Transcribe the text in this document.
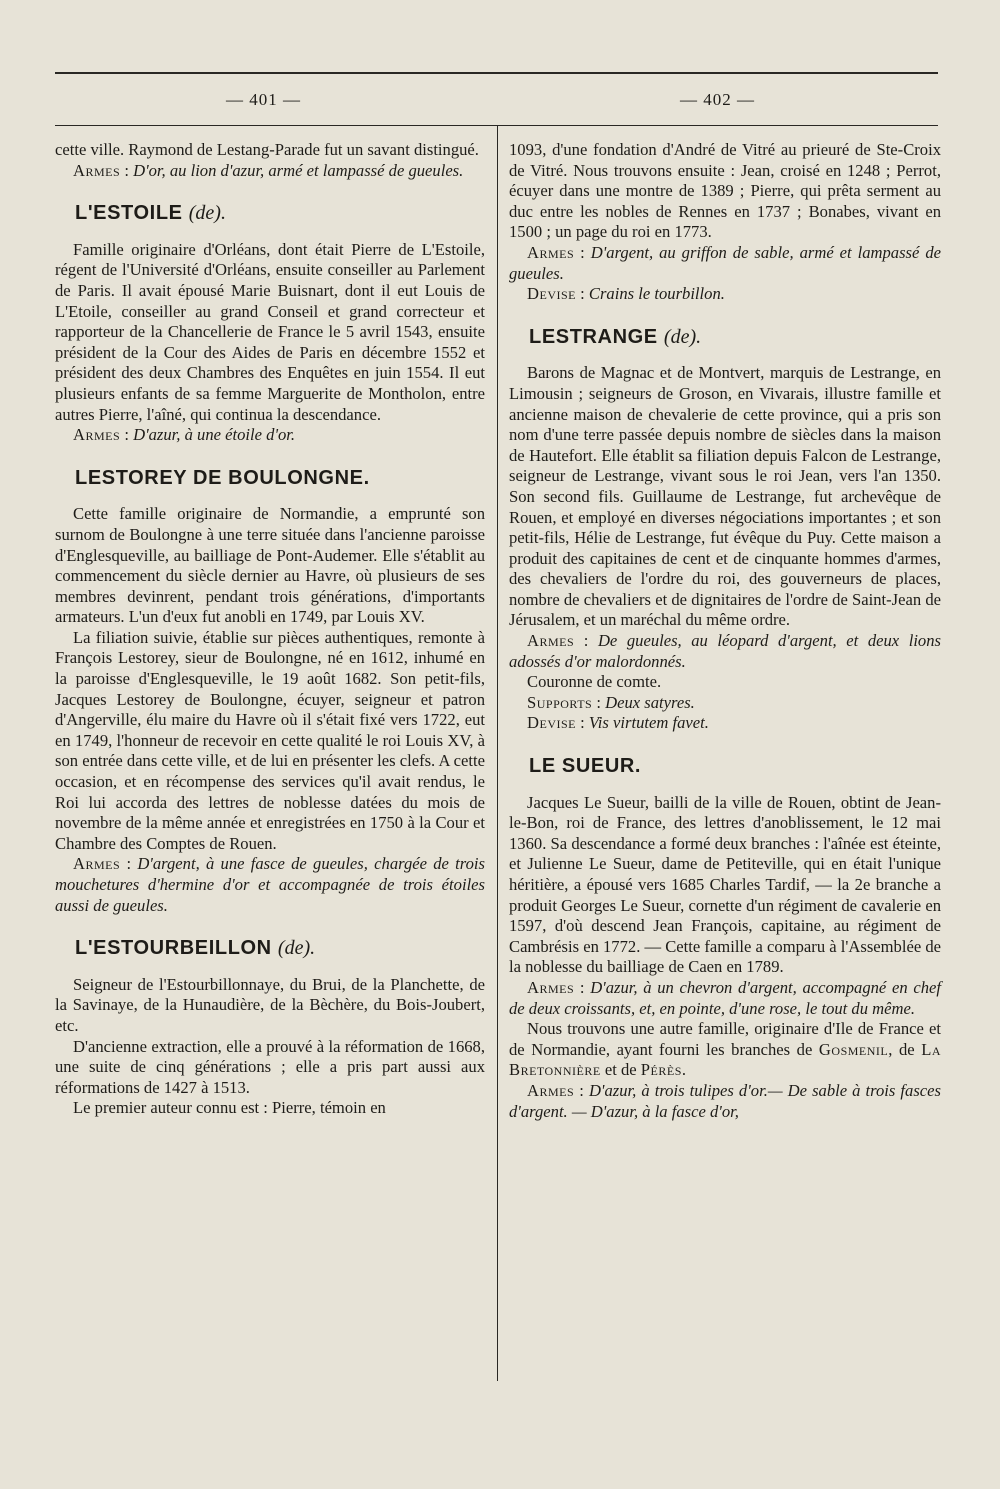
— 401 —	— 402 —

cette ville. Raymond de Lestang-Parade fut un savant distingué.

Armes : D'or, au lion d'azur, armé et lampassé de gueules.

L'ESTOILE (de).

Famille originaire d'Orléans, dont était Pierre de L'Estoile, régent de l'Université d'Orléans, ensuite conseiller au Parlement de Paris. Il avait épousé Marie Buisnart, dont il eut Louis de L'Etoile, conseiller au grand Conseil et grand correcteur et rapporteur de la Chancellerie de France le 5 avril 1543, ensuite président de la Cour des Aides de Paris en décembre 1552 et président des deux Chambres des Enquêtes en juin 1554. Il eut plusieurs enfants de sa femme Marguerite de Montholon, entre autres Pierre, l'aîné, qui continua la descendance.

Armes : D'azur, à une étoile d'or.

LESTOREY DE BOULONGNE.

Cette famille originaire de Normandie, a emprunté son surnom de Boulongne à une terre située dans l'ancienne paroisse d'Englesqueville, au bailliage de Pont-Audemer. Elle s'établit au commencement du siècle dernier au Havre, où plusieurs de ses membres devinrent, pendant trois générations, d'importants armateurs. L'un d'eux fut anobli en 1749, par Louis XV.

La filiation suivie, établie sur pièces authentiques, remonte à François Lestorey, sieur de Boulongne, né en 1612, inhumé en la paroisse d'Englesqueville, le 19 août 1682. Son petit-fils, Jacques Lestorey de Boulongne, écuyer, seigneur et patron d'Angerville, élu maire du Havre où il s'était fixé vers 1722, eut en 1749, l'honneur de recevoir en cette qualité le roi Louis XV, à son entrée dans cette ville, et de lui en présenter les clefs. A cette occasion, et en récompense des services qu'il avait rendus, le Roi lui accorda des lettres de noblesse datées du mois de novembre de la même année et enregistrées en 1750 à la Cour et Chambre des Comptes de Rouen.

Armes : D'argent, à une fasce de gueules, chargée de trois mouchetures d'hermine d'or et accompagnée de trois étoiles aussi de gueules.

L'ESTOURBEILLON (de).

Seigneur de l'Estourbillonnaye, du Brui, de la Planchette, de la Savinaye, de la Hunaudière, de la Bèchère, du Bois-Joubert, etc.

D'ancienne extraction, elle a prouvé à la réformation de 1668, une suite de cinq générations ; elle a pris part aussi aux réformations de 1427 à 1513.

Le premier auteur connu est : Pierre, témoin en

1093, d'une fondation d'André de Vitré au prieuré de Ste-Croix de Vitré. Nous trouvons ensuite : Jean, croisé en 1248 ; Perrot, écuyer dans une montre de 1389 ; Pierre, qui prêta serment au duc entre les nobles de Rennes en 1737 ; Bonabes, vivant en 1500 ; un page du roi en 1773.

Armes : D'argent, au griffon de sable, armé et lampassé de gueules.

Devise : Crains le tourbillon.

LESTRANGE (de).

Barons de Magnac et de Montvert, marquis de Lestrange, en Limousin ; seigneurs de Groson, en Vivarais, illustre famille et ancienne maison de chevalerie de cette province, qui a pris son nom d'une terre passée depuis nombre de siècles dans la maison de Hautefort. Elle établit sa filiation depuis Falcon de Lestrange, seigneur de Lestrange, vivant sous le roi Jean, vers l'an 1350. Son second fils. Guillaume de Lestrange, fut archevêque de Rouen, et employé en diverses négociations importantes ; et son petit-fils, Hélie de Lestrange, fut évêque du Puy. Cette maison a produit des capitaines de cent et de cinquante hommes d'armes, des chevaliers de l'ordre du roi, des gouverneurs de places, nombre de chevaliers et de dignitaires de l'ordre de Saint-Jean de Jérusalem, et un maréchal du même ordre.

Armes : De gueules, au léopard d'argent, et deux lions adossés d'or malordonnés.

Couronne de comte.

Supports : Deux satyres.

Devise : Vis virtutem favet.

LE SUEUR.

Jacques Le Sueur, bailli de la ville de Rouen, obtint de Jean-le-Bon, roi de France, des lettres d'anoblissement, le 12 mai 1360. Sa descendance a formé deux branches : l'aînée est éteinte, et Julienne Le Sueur, dame de Petiteville, qui en était l'unique héritière, a épousé vers 1685 Charles Tardif, — la 2e branche a produit Georges Le Sueur, cornette d'un régiment de cavalerie en 1597, d'où descend Jean François, capitaine, au régiment de Cambrésis en 1772. — Cette famille a comparu à l'Assemblée de la noblesse du bailliage de Caen en 1789.

Armes : D'azur, à un chevron d'argent, accompagné en chef de deux croissants, et, en pointe, d'une rose, le tout du même.

Nous trouvons une autre famille, originaire d'Ile de France et de Normandie, ayant fourni les branches de Gosmenil, de La Bretonnière et de Pérès.

Armes : D'azur, à trois tulipes d'or.— De sable à trois fasces d'argent. — D'azur, à la fasce d'or,
